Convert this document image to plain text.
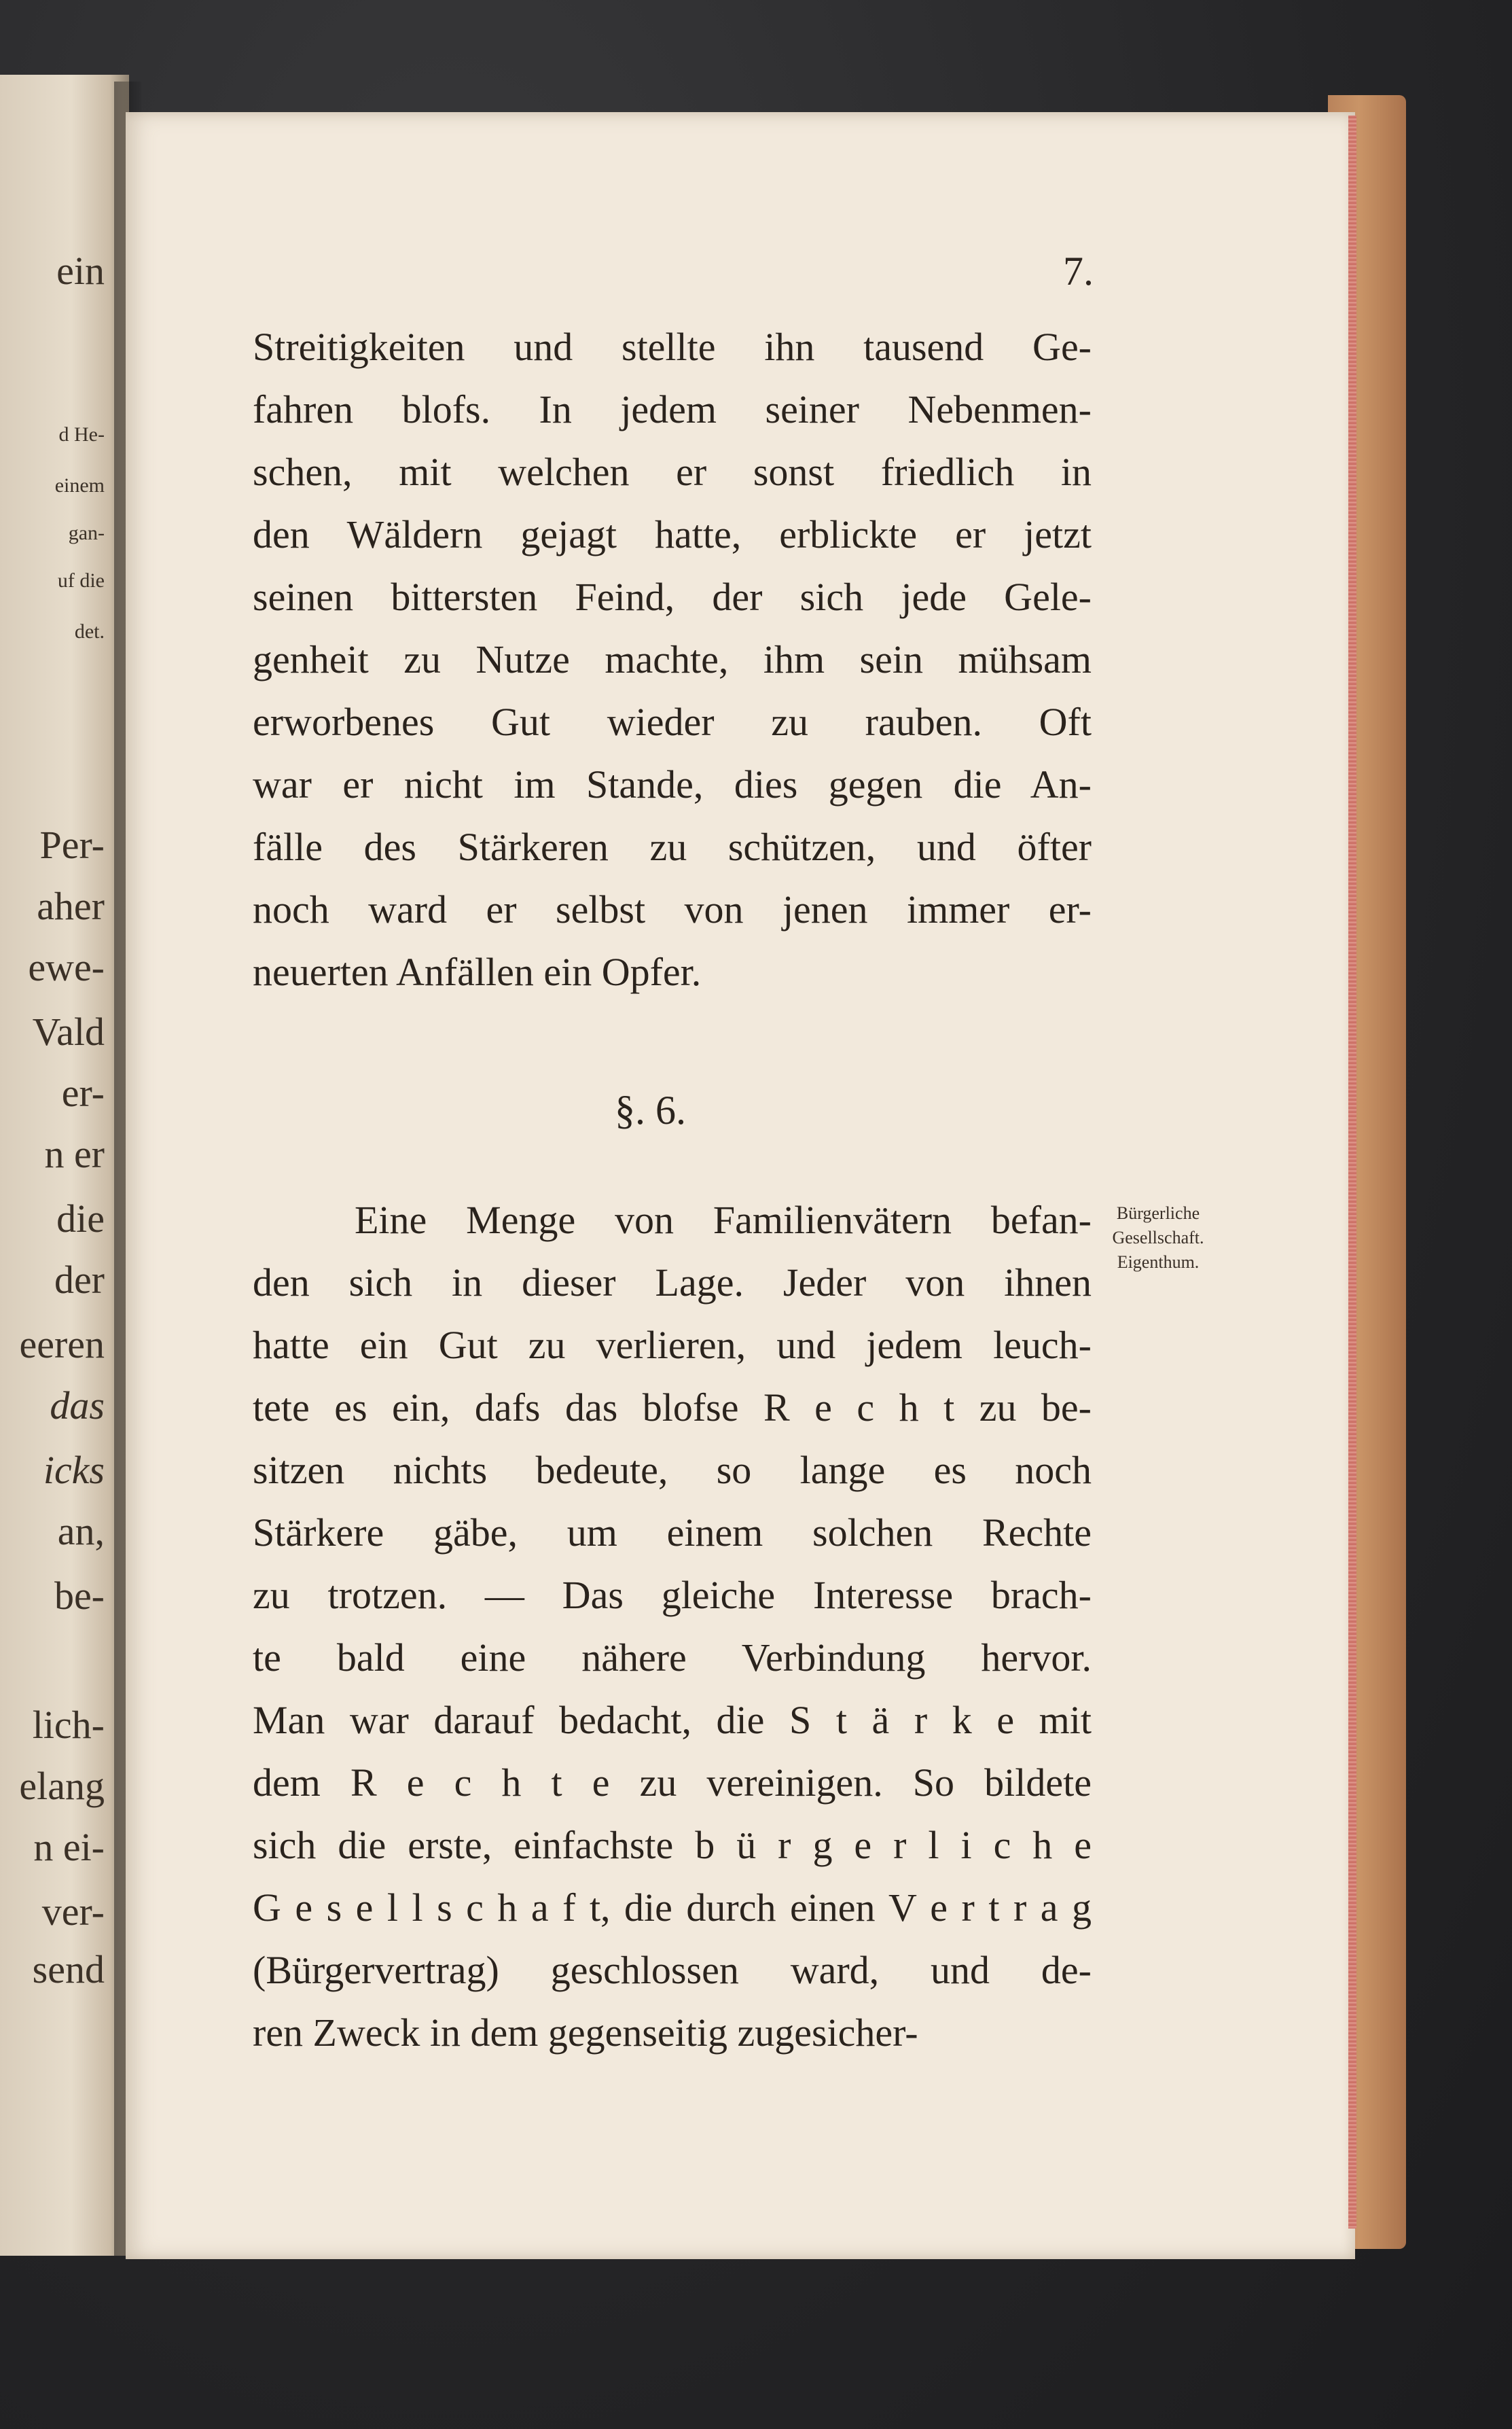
ein
d He-
einem
gan-
uf die
det.
Per-
aher
ewe-
Vald
er-
n er
die
der
eeren
das
icks
an,
be-
lich-
elang
n ei-
ver-
send
7.
Streitigkeiten und stellte ihn tausend Ge-
fahren blofs. In jedem seiner Nebenmen-
schen, mit welchen er sonst friedlich in
den Wäldern gejagt hatte, erblickte er jetzt
seinen bittersten Feind, der sich jede Gele-
genheit zu Nutze machte, ihm sein mühsam
erworbenes Gut wieder zu rauben. Oft
war er nicht im Stande, dies gegen die An-
fälle des Stärkeren zu schützen, und öfter
noch ward er selbst von jenen immer er-
neuerten Anfällen ein Opfer.
§. 6.
Eine Menge von Familienvätern befan-
den sich in dieser Lage. Jeder von ihnen
hatte ein Gut zu verlieren, und jedem leuch-
tete es ein, dafs das blofse R e c h t zu be-
sitzen nichts bedeute, so lange es noch
Stärkere gäbe, um einem solchen Rechte
zu trotzen. — Das gleiche Interesse brach-
te bald eine nähere Verbindung hervor.
Man war darauf bedacht, die S t ä r k e mit
dem R e c h t e zu vereinigen. So bildete
sich die erste, einfachste b ü r g e r l i c h e
G e s e l l s c h a f t, die durch einen V e r t r a g
(Bürgervertrag) geschlossen ward, und de-
ren Zweck in dem gegenseitig zugesicher-
Bürgerliche
Gesellschaft.
Eigenthum.
